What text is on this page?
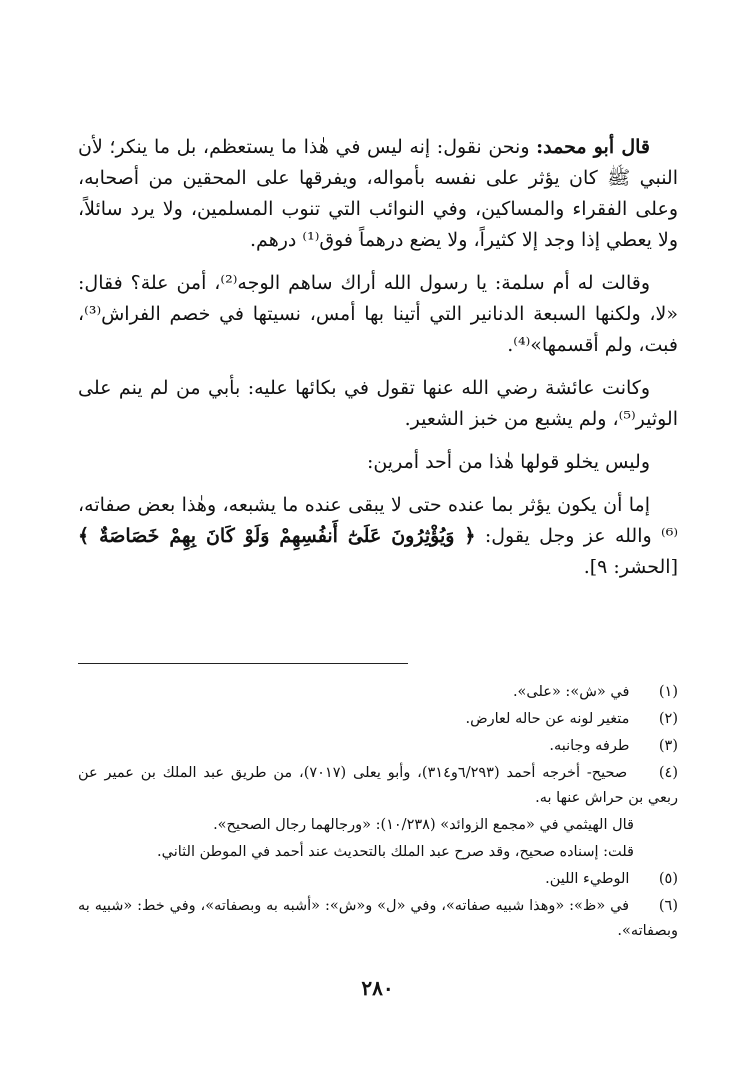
قال أبو محمد: ونحن نقول: إنه ليس في هٰذا ما يستعظم، بل ما ينكر؛ لأن النبي ﷺ كان يؤثر على نفسه بأمواله، ويفرقها على المحقين من أصحابه، وعلى الفقراء والمساكين، وفي النوائب التي تنوب المسلمين، ولا يرد سائلاً، ولا يعطي إذا وجد إلا كثيراً، ولا يضع درهماً فوق⁽¹⁾ درهم.

وقالت له أم سلمة: يا رسول الله أراك ساهم الوجه⁽²⁾، أمن علة؟ فقال: «لا، ولكنها السبعة الدنانير التي أتينا بها أمس، نسيتها في خصم الفراش⁽³⁾، فبت، ولم أقسمها»⁽⁴⁾.

وكانت عائشة رضي الله عنها تقول في بكائها عليه: بأبي من لم ينم على الوثير⁽⁵⁾، ولم يشبع من خبز الشعير.

وليس يخلو قولها هٰذا من أحد أمرين:

إما أن يكون يؤثر بما عنده حتى لا يبقى عنده ما يشبعه، وهٰذا بعض صفاته،⁽⁶⁾ والله عز وجل يقول: ﴿ وَيُؤْثِرُونَ عَلَىٰٓ أَنفُسِهِمْ وَلَوْ كَانَ بِهِمْ خَصَاصَةٌ ﴾ [الحشر: ٩].

(١) في «ش»: «على».

(٢) متغير لونه عن حاله لعارض.

(٣) طرفه وجانبه.

(٤) صحيح- أخرجه أحمد (٦/٢٩٣و٣١٤)، وأبو يعلى (٧٠١٧)، من طريق عبد الملك بن عمير عن ربعي بن حراش عنها به.

قال الهيثمي في «مجمع الزوائد» (١٠/٢٣٨): «ورجالهما رجال الصحيح».

قلت: إسناده صحيح، وقد صرح عبد الملك بالتحديث عند أحمد في الموطن الثاني.

(٥) الوطيء اللين.

(٦) في «ظ»: «وهذا شبيه صفاته»، وفي «ل» و«ش»: «أشبه به وبصفاته»، وفي خط: «شبيه به وبصفاته».

٢٨٠
